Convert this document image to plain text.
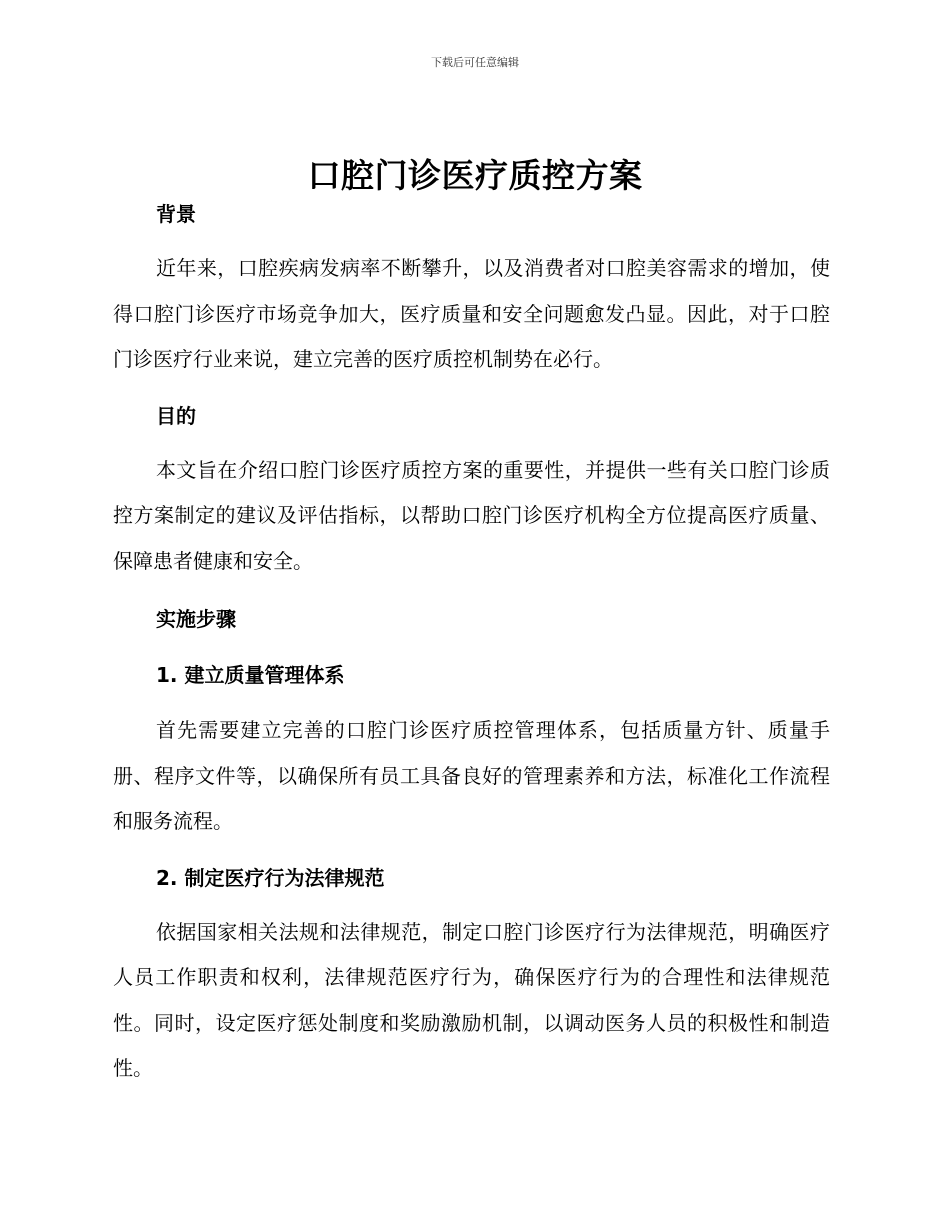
下载后可任意编辑
口腔门诊医疗质控方案
背景

近年来，口腔疾病发病率不断攀升，以及消费者对口腔美容需求的增加，使得口腔门诊医疗市场竞争加大，医疗质量和安全问题愈发凸显。因此，对于口腔门诊医疗行业来说，建立完善的医疗质控机制势在必行。

目的

本文旨在介绍口腔门诊医疗质控方案的重要性，并提供一些有关口腔门诊质控方案制定的建议及评估指标，以帮助口腔门诊医疗机构全方位提高医疗质量、保障患者健康和安全。

实施步骤
1. 建立质量管理体系

首先需要建立完善的口腔门诊医疗质控管理体系，包括质量方针、质量手册、程序文件等，以确保所有员工具备良好的管理素养和方法，标准化工作流程和服务流程。

2. 制定医疗行为法律规范

依据国家相关法规和法律规范，制定口腔门诊医疗行为法律规范，明确医疗人员工作职责和权利，法律规范医疗行为，确保医疗行为的合理性和法律规范性。同时，设定医疗惩处制度和奖励激励机制，以调动医务人员的积极性和制造性。
